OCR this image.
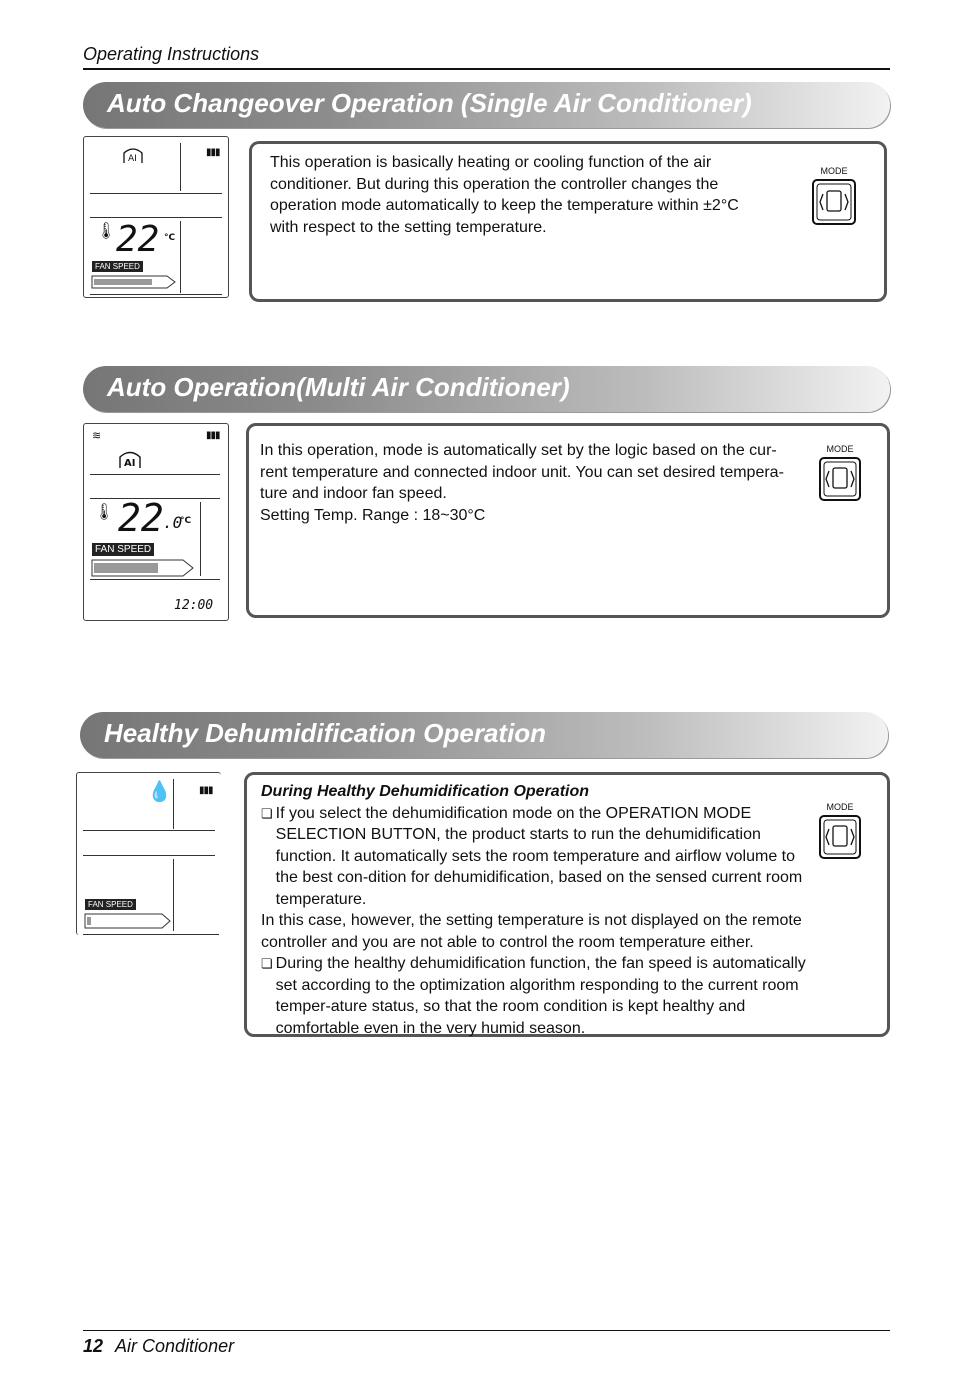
Operating Instructions
Auto Changeover Operation (Single Air Conditioner)
AI
▮▮▮
🌡 22 °C
FAN SPEED
This operation is basically heating or cooling function of the air conditioner. But during this operation the controller changes the operation mode automatically to keep the temperature within ±2°C with respect to the setting temperature.
MODE
Auto Operation(Multi Air Conditioner)
≋	▮▮▮
AI
🌡 22 .0
°C
FAN SPEED
12:00
In this operation, mode is automatically set by the logic based on the cur-rent temperature and connected indoor unit. You can set desired tempera-ture and indoor fan speed.
Setting Temp. Range : 18~30°C
MODE
Healthy Dehumidification Operation
💧	▮▮▮
FAN SPEED
During Healthy Dehumidification Operation
❏ If you select the dehumidification mode on the OPERATION MODE SELECTION BUTTON, the product starts to run the dehumidification function. It automatically sets the room temperature and airflow volume to the best con-dition for dehumidification, based on the sensed current room temperature.
In this case, however, the setting temperature is not displayed on the remote controller and you are not able to control the room temperature either.
❏ During the healthy dehumidification function, the fan speed is automatically set according to the optimization algorithm responding to the current room temper-ature status, so that the room condition is kept healthy and comfortable even in the very humid season.
MODE
12 Air Conditioner
